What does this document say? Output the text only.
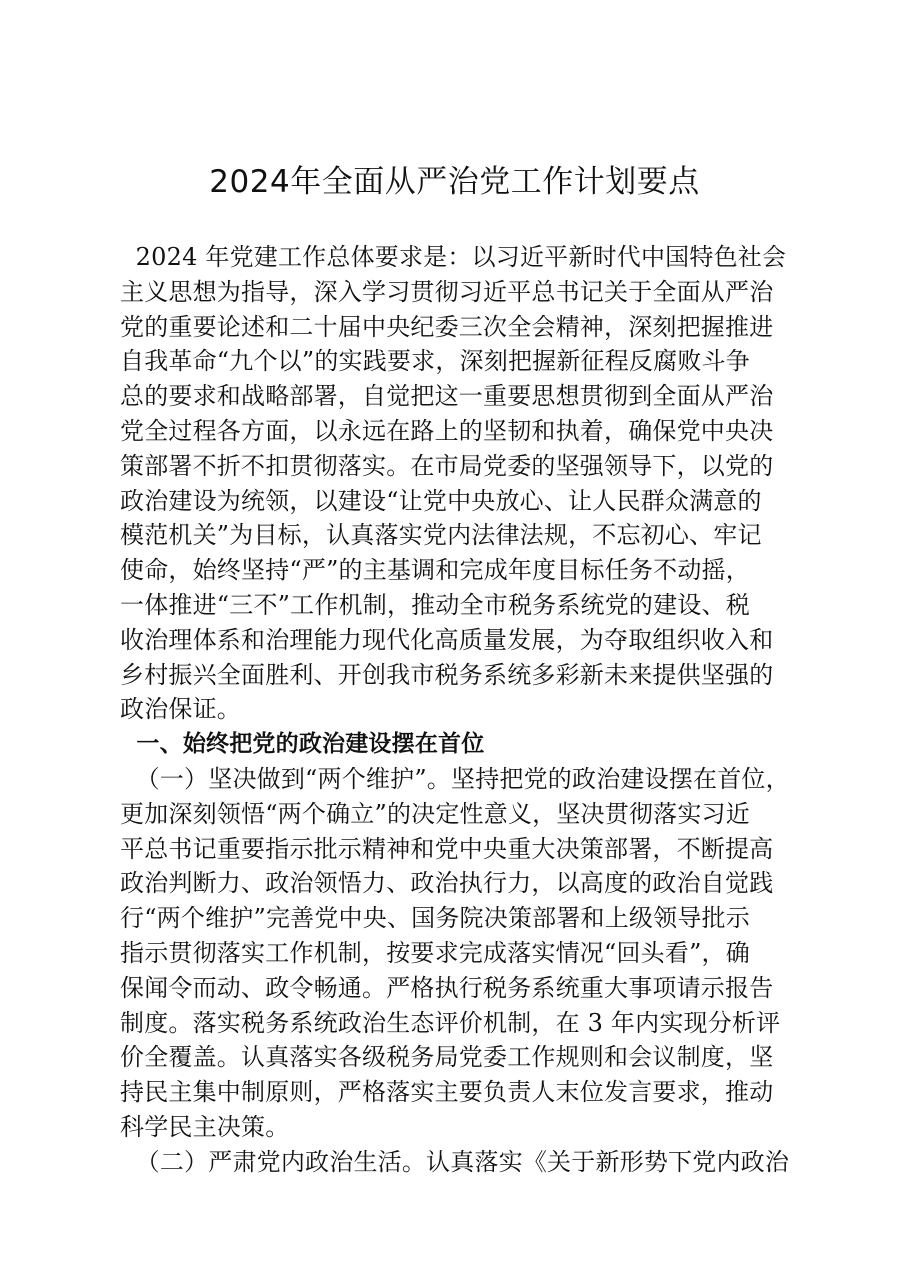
2024年全面从严治党工作计划要点
2024 年党建工作总体要求是：以习近平新时代中国特色社会
主义思想为指导，深入学习贯彻习近平总书记关于全面从严治
党的重要论述和二十届中央纪委三次全会精神，深刻把握推进
自我革命“九个以”的实践要求，深刻把握新征程反腐败斗争
总的要求和战略部署，自觉把这一重要思想贯彻到全面从严治
党全过程各方面，以永远在路上的坚韧和执着，确保党中央决
策部署不折不扣贯彻落实。在市局党委的坚强领导下，以党的
政治建设为统领，以建设“让党中央放心、让人民群众满意的
模范机关”为目标，认真落实党内法律法规，不忘初心、牢记
使命，始终坚持“严”的主基调和完成年度目标任务不动摇，
一体推进“三不”工作机制，推动全市税务系统党的建设、税
收治理体系和治理能力现代化高质量发展，为夺取组织收入和
乡村振兴全面胜利、开创我市税务系统多彩新未来提供坚强的
政治保证。
一、始终把党的政治建设摆在首位
（一）坚决做到“两个维护”。坚持把党的政治建设摆在首位，
更加深刻领悟“两个确立”的决定性意义，坚决贯彻落实习近
平总书记重要指示批示精神和党中央重大决策部署，不断提高
政治判断力、政治领悟力、政治执行力，以高度的政治自觉践
行“两个维护”完善党中央、国务院决策部署和上级领导批示
指示贯彻落实工作机制，按要求完成落实情况“回头看”，确
保闻令而动、政令畅通。严格执行税务系统重大事项请示报告
制度。落实税务系统政治生态评价机制，在 3 年内实现分析评
价全覆盖。认真落实各级税务局党委工作规则和会议制度，坚
持民主集中制原则，严格落实主要负责人末位发言要求，推动
科学民主决策。
（二）严肃党内政治生活。认真落实《关于新形势下党内政治
